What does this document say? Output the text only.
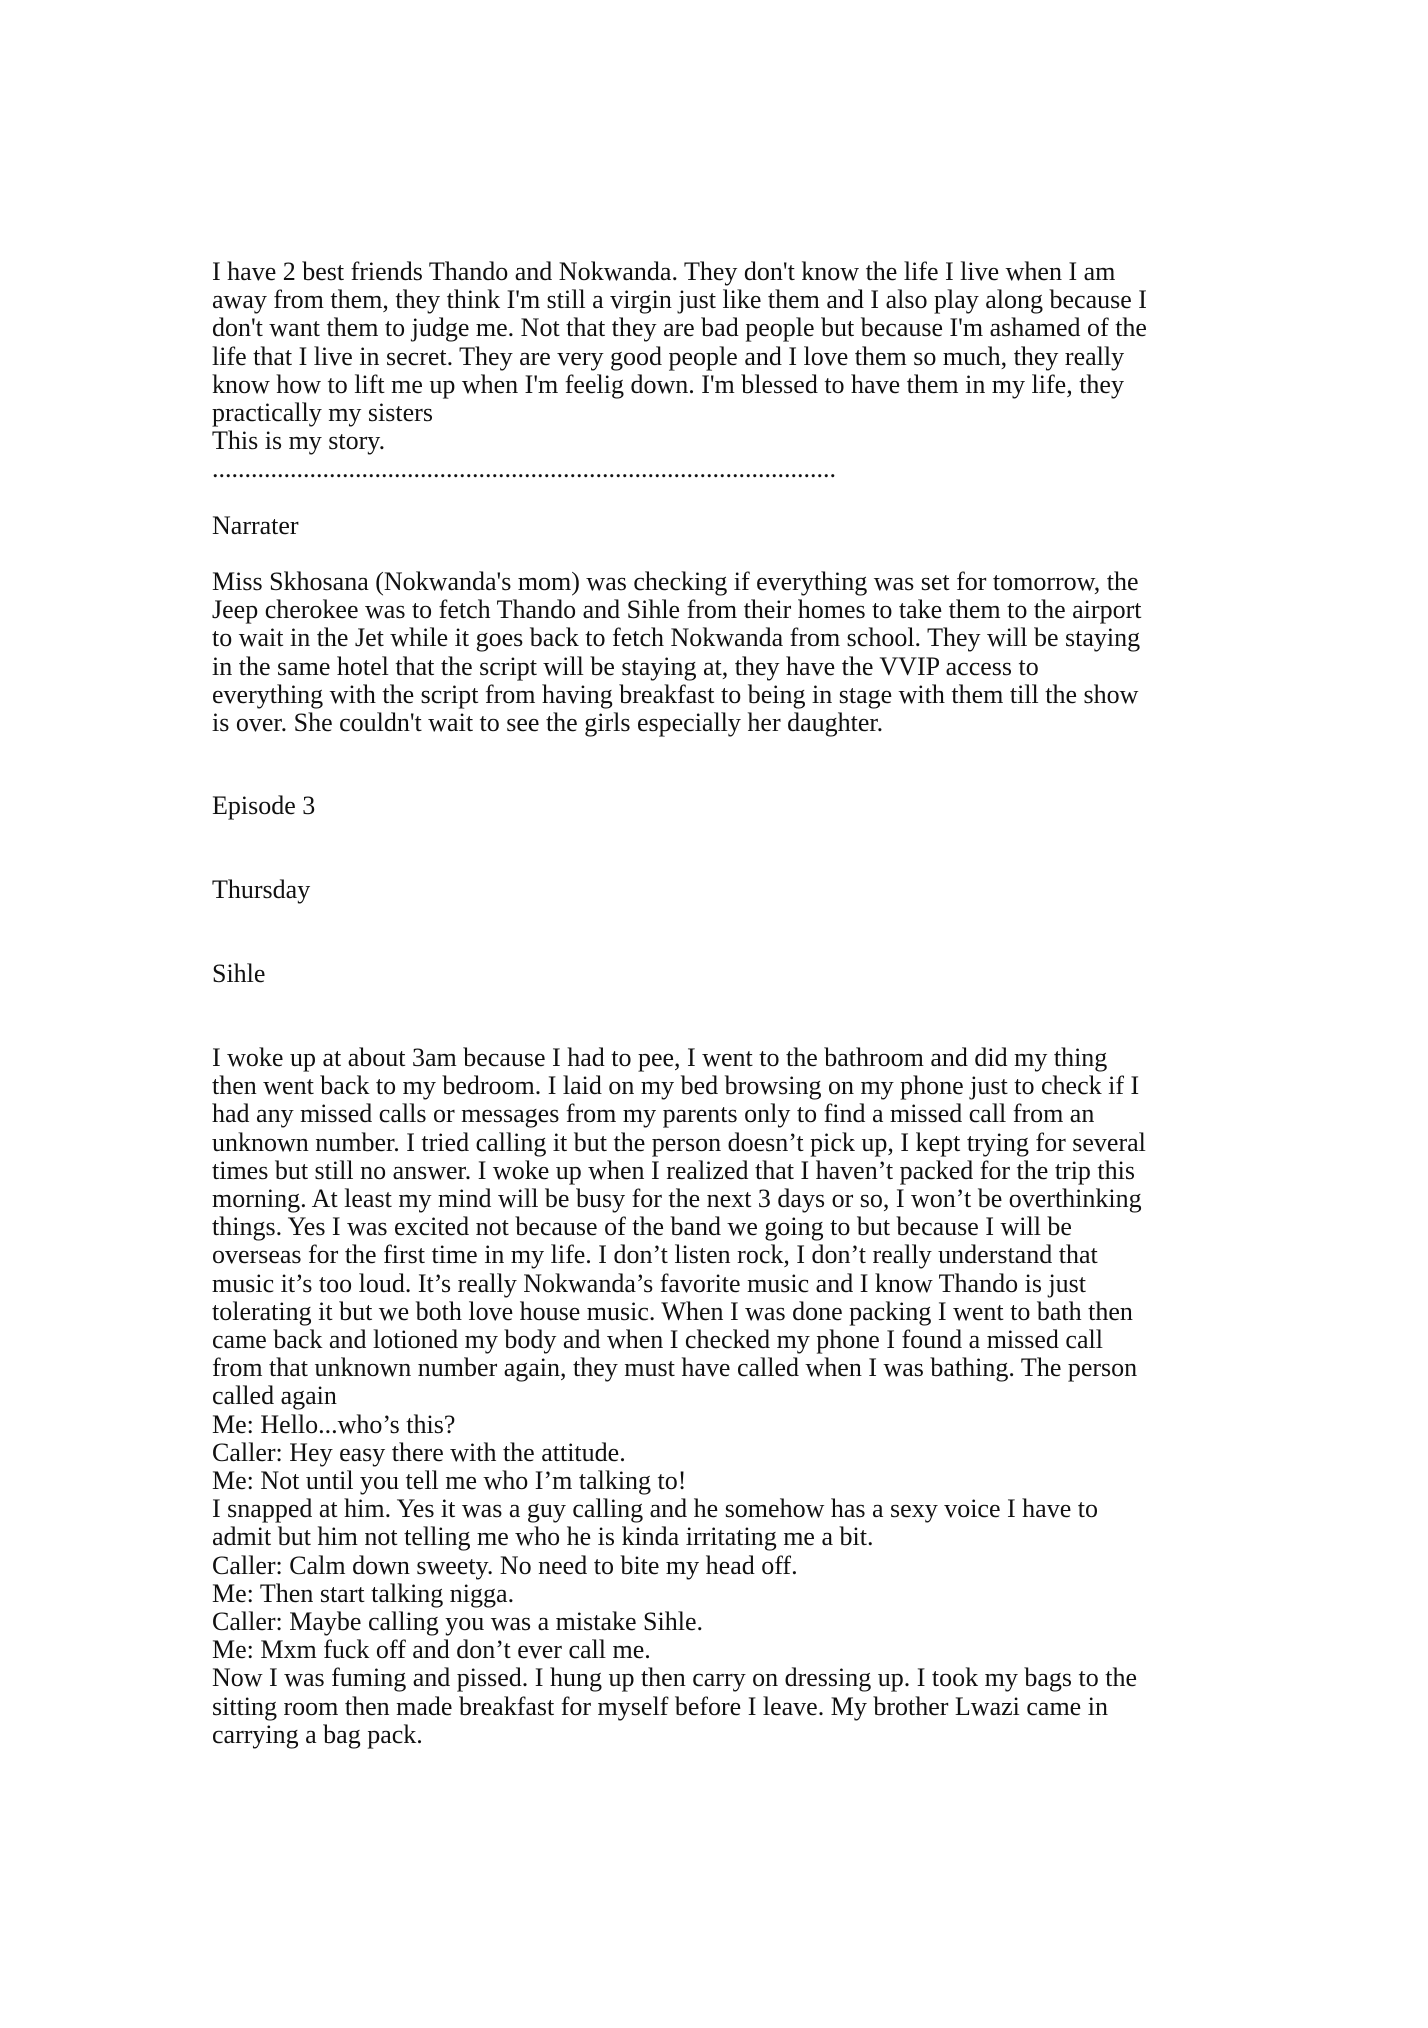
I have 2 best friends Thando and Nokwanda. They don't know the life I live when I am
away from them, they think I'm still a virgin just like them and I also play along because I
don't want them to judge me. Not that they are bad people but because I'm ashamed of the
life that I live in secret. They are very good people and I love them so much, they really
know how to lift me up when I'm feelig down. I'm blessed to have them in my life, they
practically my sisters
This is my story.
................................................................................................
Narrater
Miss Skhosana (Nokwanda's mom) was checking if everything was set for tomorrow, the
Jeep cherokee was to fetch Thando and Sihle from their homes to take them to the airport
to wait in the Jet while it goes back to fetch Nokwanda from school. They will be staying
in the same hotel that the script will be staying at, they have the VVIP access to
everything with the script from having breakfast to being in stage with them till the show
is over. She couldn't wait to see the girls especially her daughter.
Episode 3
Thursday
Sihle
I woke up at about 3am because I had to pee, I went to the bathroom and did my thing
then went back to my bedroom. I laid on my bed browsing on my phone just to check if I
had any missed calls or messages from my parents only to find a missed call from an
unknown number. I tried calling it but the person doesn’t pick up, I kept trying for several
times but still no answer. I woke up when I realized that I haven’t packed for the trip this
morning. At least my mind will be busy for the next 3 days or so, I won’t be overthinking
things. Yes I was excited not because of the band we going to but because I will be
overseas for the first time in my life. I don’t listen rock, I don’t really understand that
music it’s too loud. It’s really Nokwanda’s favorite music and I know Thando is just
tolerating it but we both love house music. When I was done packing I went to bath then
came back and lotioned my body and when I checked my phone I found a missed call
from that unknown number again, they must have called when I was bathing. The person
called again
Me: Hello...who’s this?
Caller: Hey easy there with the attitude.
Me: Not until you tell me who I’m talking to!
I snapped at him. Yes it was a guy calling and he somehow has a sexy voice I have to
admit but him not telling me who he is kinda irritating me a bit.
Caller: Calm down sweety. No need to bite my head off.
Me: Then start talking nigga.
Caller: Maybe calling you was a mistake Sihle.
Me: Mxm fuck off and don’t ever call me.
Now I was fuming and pissed. I hung up then carry on dressing up. I took my bags to the
sitting room then made breakfast for myself before I leave. My brother Lwazi came in
carrying a bag pack.
